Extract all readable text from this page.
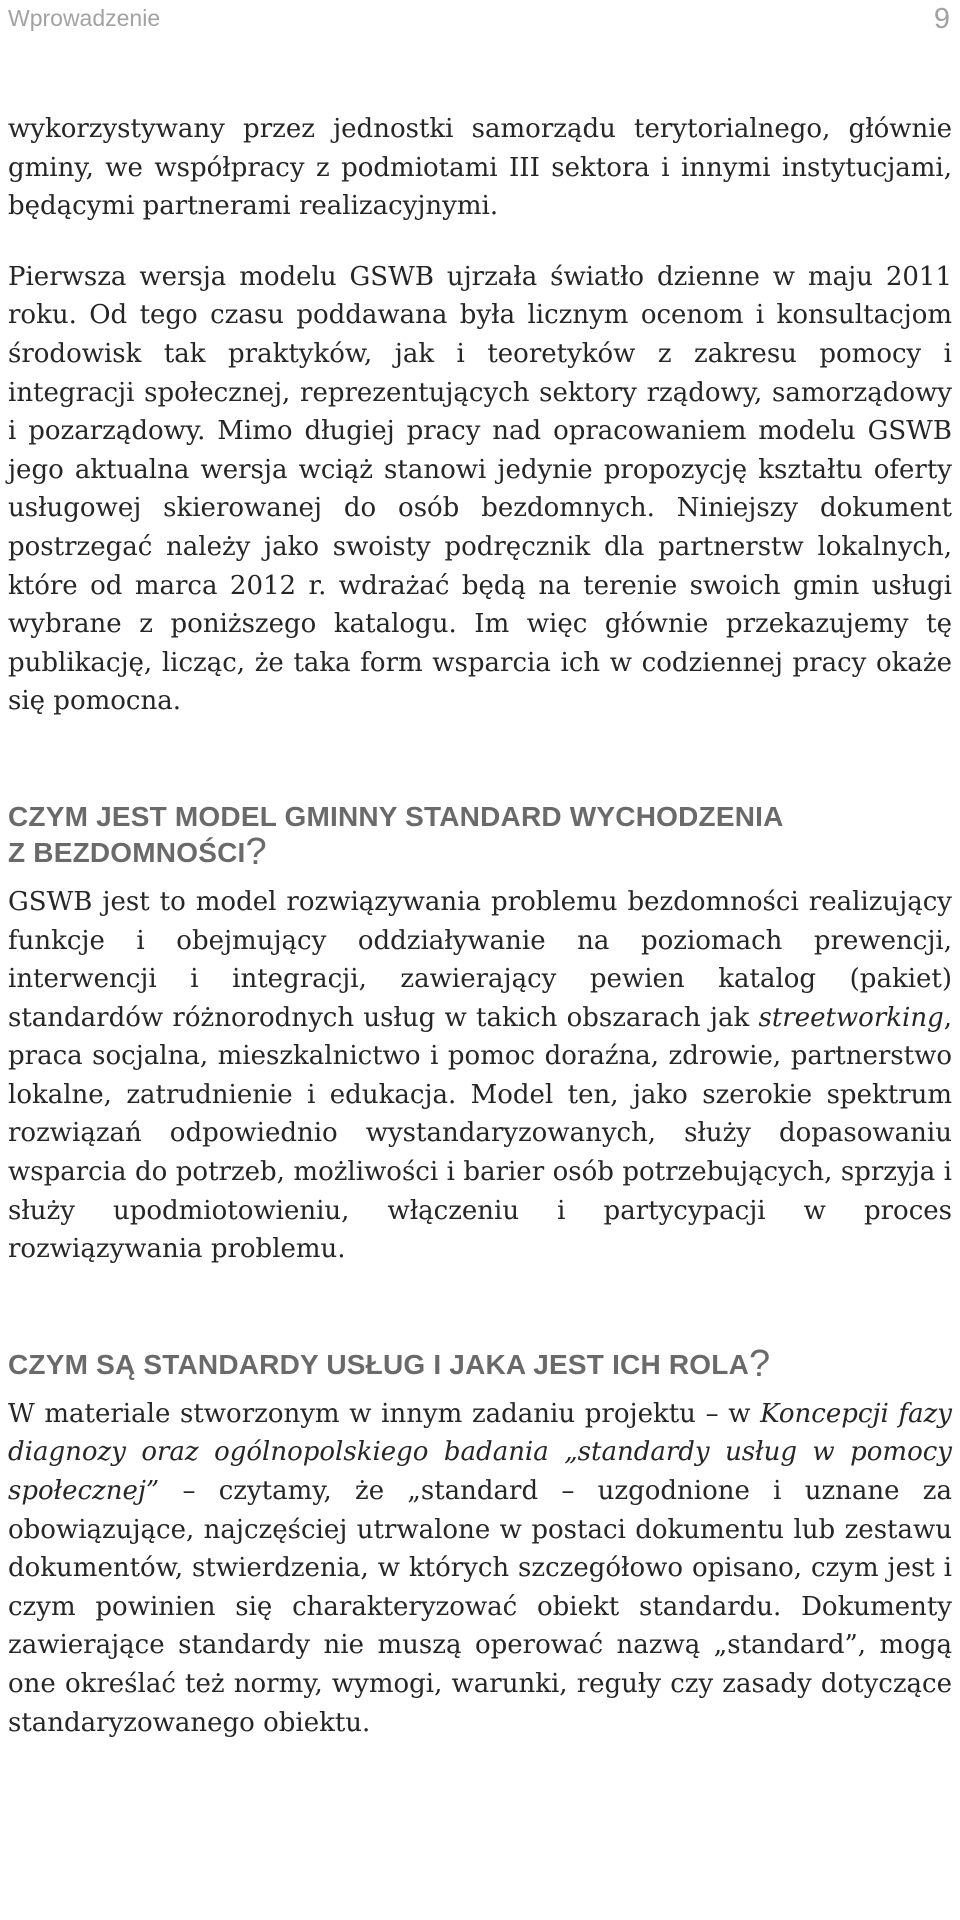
Wprowadzenie	9

wykorzystywany przez jednostki samorządu terytorialnego, głównie gminy, we współpracy z podmiotami III sektora i innymi instytucjami, będącymi partnerami realizacyjnymi.

Pierwsza wersja modelu GSWB ujrzała światło dzienne w maju 2011 roku. Od tego czasu poddawana była licznym ocenom i konsultacjom środowisk tak praktyków, jak i teoretyków z zakresu pomocy i integracji społecznej, reprezentujących sektory rządowy, samorządowy i pozarządowy. Mimo długiej pracy nad opracowaniem modelu GSWB jego aktualna wersja wciąż stanowi jedynie propozycję kształtu oferty usługowej skierowanej do osób bezdomnych. Niniejszy dokument postrzegać należy jako swoisty podręcznik dla partnerstw lokalnych, które od marca 2012 r. wdrażać będą na terenie swoich gmin usługi wybrane z poniższego katalogu. Im więc głównie przekazujemy tę publikację, licząc, że taka form wsparcia ich w codziennej pracy okaże się pomocna.

CZYM JEST MODEL GMINNY STANDARD WYCHODZENIA
Z BEZDOMNOŚCI?

GSWB jest to model rozwiązywania problemu bezdomności realizujący funkcje i obejmujący oddziaływanie na poziomach prewencji, interwencji i integracji, zawierający pewien katalog (pakiet) standardów różnorodnych usług w takich obszarach jak streetworking, praca socjalna, mieszkalnictwo i pomoc doraźna, zdrowie, partnerstwo lokalne, zatrudnienie i edukacja. Model ten, jako szerokie spektrum rozwiązań odpowiednio wystandaryzowanych, służy dopasowaniu wsparcia do potrzeb, możliwości i barier osób potrzebujących, sprzyja i służy upodmiotowieniu, włączeniu i partycypacji w proces rozwiązywania problemu.

CZYM SĄ STANDARDY USŁUG I JAKA JEST ICH ROLA?

W materiale stworzonym w innym zadaniu projektu – w Koncepcji fazy diagnozy oraz ogólnopolskiego badania „standardy usług w pomocy społecznej” – czytamy, że „standard – uzgodnione i uznane za obowiązujące, najczęściej utrwalone w postaci dokumentu lub zestawu dokumentów, stwierdzenia, w których szczegółowo opisano, czym jest i czym powinien się charakteryzować obiekt standardu. Dokumenty zawierające standardy nie muszą operować nazwą „standard”, mogą one określać też normy, wymogi, warunki, reguły czy zasady dotyczące standaryzowanego obiektu.
